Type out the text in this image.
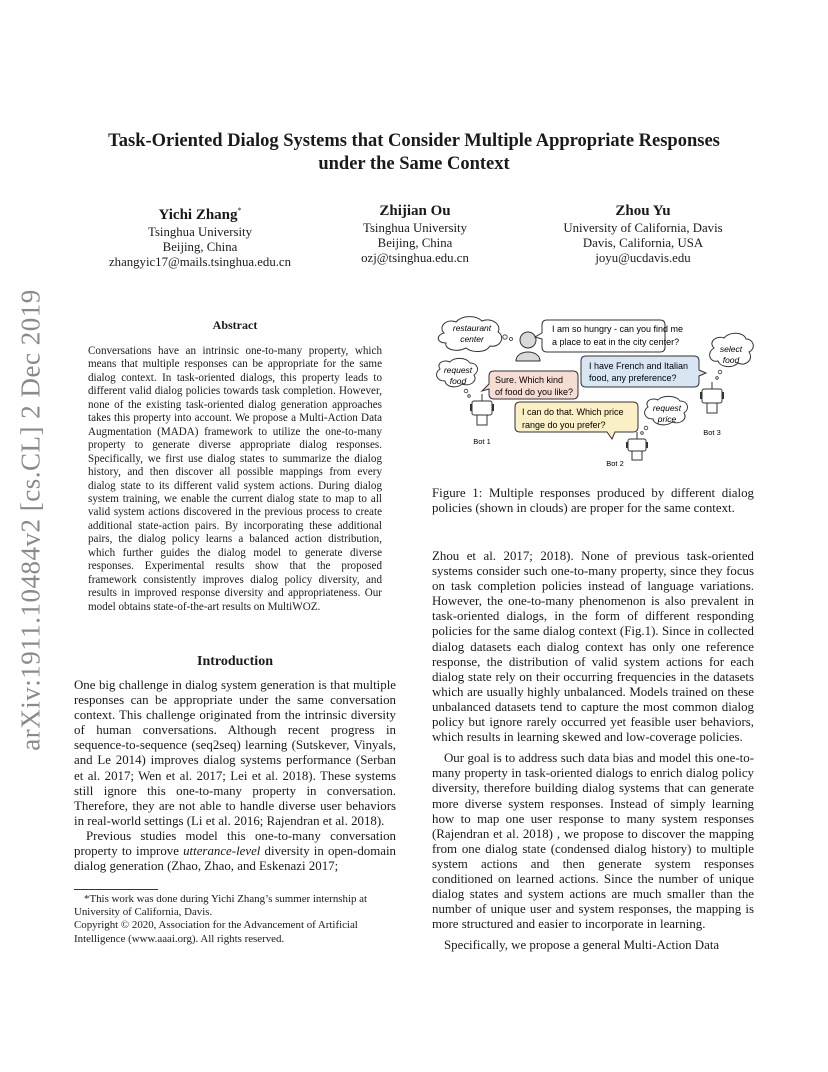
arXiv:1911.10484v2 [cs.CL] 2 Dec 2019
Task-Oriented Dialog Systems that Consider Multiple Appropriate Responses
under the Same Context
Yichi Zhang*
Tsinghua University
Beijing, China
zhangyic17@mails.tsinghua.edu.cn
Zhijian Ou
Tsinghua University
Beijing, China
ozj@tsinghua.edu.cn
Zhou Yu
University of California, Davis
Davis, California, USA
joyu@ucdavis.edu
Abstract
Conversations have an intrinsic one-to-many property, which means that multiple responses can be appropriate for the same dialog context. In task-oriented dialogs, this property leads to different valid dialog policies towards task completion. However, none of the existing task-oriented dialog generation approaches takes this property into account. We propose a Multi-Action Data Augmentation (MADA) framework to utilize the one-to-many property to generate diverse appropriate dialog responses. Specifically, we first use dialog states to summarize the dialog history, and then discover all possible mappings from every dialog state to its different valid system actions. During dialog system training, we enable the current dialog state to map to all valid system actions discovered in the previous process to create additional state-action pairs. By incorporating these additional pairs, the dialog policy learns a balanced action distribution, which further guides the dialog model to generate diverse responses. Experimental results show that the proposed framework consistently improves dialog policy diversity, and results in improved response diversity and appropriateness. Our model obtains state-of-the-art results on MultiWOZ.
Introduction

One big challenge in dialog system generation is that multiple responses can be appropriate under the same conversation context. This challenge originated from the intrinsic diversity of human conversations. Although recent progress in sequence-to-sequence (seq2seq) learning (Sutskever, Vinyals, and Le 2014) improves dialog systems performance (Serban et al. 2017; Wen et al. 2017; Lei et al. 2018). These systems still ignore this one-to-many property in conversation. Therefore, they are not able to handle diverse user behaviors in real-world settings (Li et al. 2016; Rajendran et al. 2018).

Previous studies model this one-to-many conversation property to improve utterance-level diversity in open-domain dialog generation (Zhao, Zhao, and Eskenazi 2017;

*This work was done during Yichi Zhang’s summer internship at University of California, Davis.

Copyright © 2020, Association for the Advancement of Artificial Intelligence (www.aaai.org). All rights reserved.

restaurant
center
I am so hungry - can you find me
a place to eat in the city center?
select
food
request
food
I have French and Italian
food, any preference?
Sure. Which kind
of food do you like?
request
price
I can do that. Which price
range do you prefer?
Bot 1
Bot 3
Bot 2
Figure 1: Multiple responses produced by different dialog policies (shown in clouds) are proper for the same context.

Zhou et al. 2017; 2018). None of previous task-oriented systems consider such one-to-many property, since they focus on task completion policies instead of language variations. However, the one-to-many phenomenon is also prevalent in task-oriented dialogs, in the form of different responding policies for the same dialog context (Fig.1). Since in collected dialog datasets each dialog context has only one reference response, the distribution of valid system actions for each dialog state rely on their occurring frequencies in the datasets which are usually highly unbalanced. Models trained on these unbalanced datasets tend to capture the most common dialog policy but ignore rarely occurred yet feasible user behaviors, which results in learning skewed and low-coverage policies.

Our goal is to address such data bias and model this one-to-many property in task-oriented dialogs to enrich dialog policy diversity, therefore building dialog systems that can generate more diverse system responses. Instead of simply learning how to map one user response to many system responses (Rajendran et al. 2018) , we propose to discover the mapping from one dialog state (condensed dialog history) to multiple system actions and then generate system responses conditioned on learned actions. Since the number of unique dialog states and system actions are much smaller than the number of unique user and system responses, the mapping is more structured and easier to incorporate in learning.

Specifically, we propose a general Multi-Action Data
